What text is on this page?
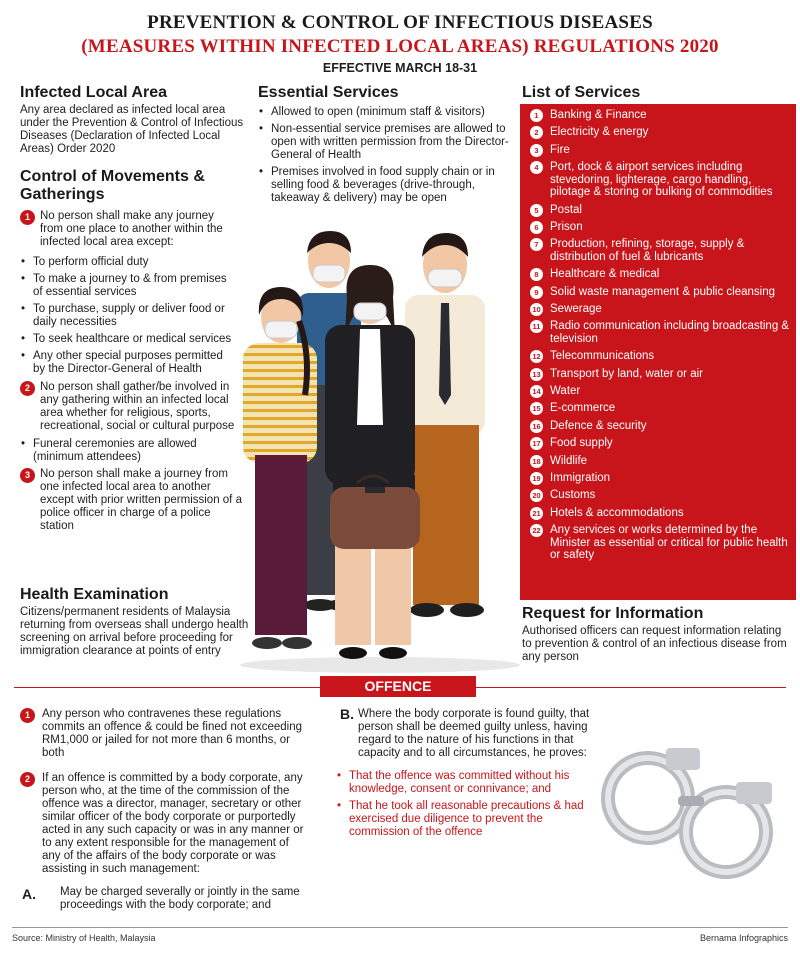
PREVENTION & CONTROL OF INFECTIOUS DISEASES
(MEASURES WITHIN INFECTED LOCAL AREAS) REGULATIONS 2020
EFFECTIVE MARCH 18-31
Infected Local Area
Any area declared as infected local area under the Prevention & Control of Infectious Diseases (Declaration of Infected Local Areas) Order 2020
Control of Movements &
Gatherings
1 No person shall make any journey from one place to another within the infected local area except:
• To perform official duty
• To make a journey to & from premises of essential services
• To purchase, supply or deliver food or daily necessities
• To seek healthcare or medical services
• Any other special purposes permitted by the Director-General of Health
2 No person shall gather/be involved in any gathering within an infected local area whether for religious, sports, recreational, social or cultural purpose
• Funeral ceremonies are allowed (minimum attendees)
3 No person shall make a journey from one infected local area to another except with prior written permission of a police officer in charge of a police station
Health Examination
Citizens/permanent residents of Malaysia returning from overseas shall undergo health screening on arrival before proceeding for immigration clearance at points of entry
Essential Services
• Allowed to open (minimum staff & visitors)
• Non-essential service premises are allowed to open with written permission from the Director-General of Health
• Premises involved in food supply chain or in selling food & beverages (drive-through, takeaway & delivery) may be open
List of Services
1 Banking & Finance
2 Electricity & energy
3 Fire
4 Port, dock & airport services including stevedoring, lighterage, cargo handling, pilotage & storing or bulking of commodities
5 Postal
6 Prison
7 Production, refining, storage, supply & distribution of fuel & lubricants
8 Healthcare & medical
9 Solid waste management & public cleansing
10 Sewerage
11 Radio communication including broadcasting & television
12 Telecommunications
13 Transport by land, water or air
14 Water
15 E-commerce
16 Defence & security
17 Food supply
18 Wildlife
19 Immigration
20 Customs
21 Hotels & accommodations
22 Any services or works determined by the Minister as essential or critical for public health or safety
Request for Information
Authorised officers can request information relating to prevention & control of an infectious disease from any person
OFFENCE
1	Any person who contravenes these regulations commits an offence & could be fined not exceeding RM1,000 or jailed for not more than 6 months, or both
2	If an offence is committed by a body corporate, any person who, at the time of the commission of the offence was a director, manager, secretary or other similar officer of the body corporate or purportedly acted in any such capacity or was in any manner or to any extent responsible for the management of any of the affairs of the body corporate or was assisting in such management:
A. May be charged severally or jointly in the same proceedings with the body corporate; and
B. Where the body corporate is found guilty, that person shall be deemed guilty unless, having regard to the nature of his functions in that capacity and to all circumstances, he proves:
• That the offence was committed without his knowledge, consent or connivance; and
• That he took all reasonable precautions & had exercised due diligence to prevent the commission of the offence
Source: Ministry of Health, Malaysia	Bernama Infographics
